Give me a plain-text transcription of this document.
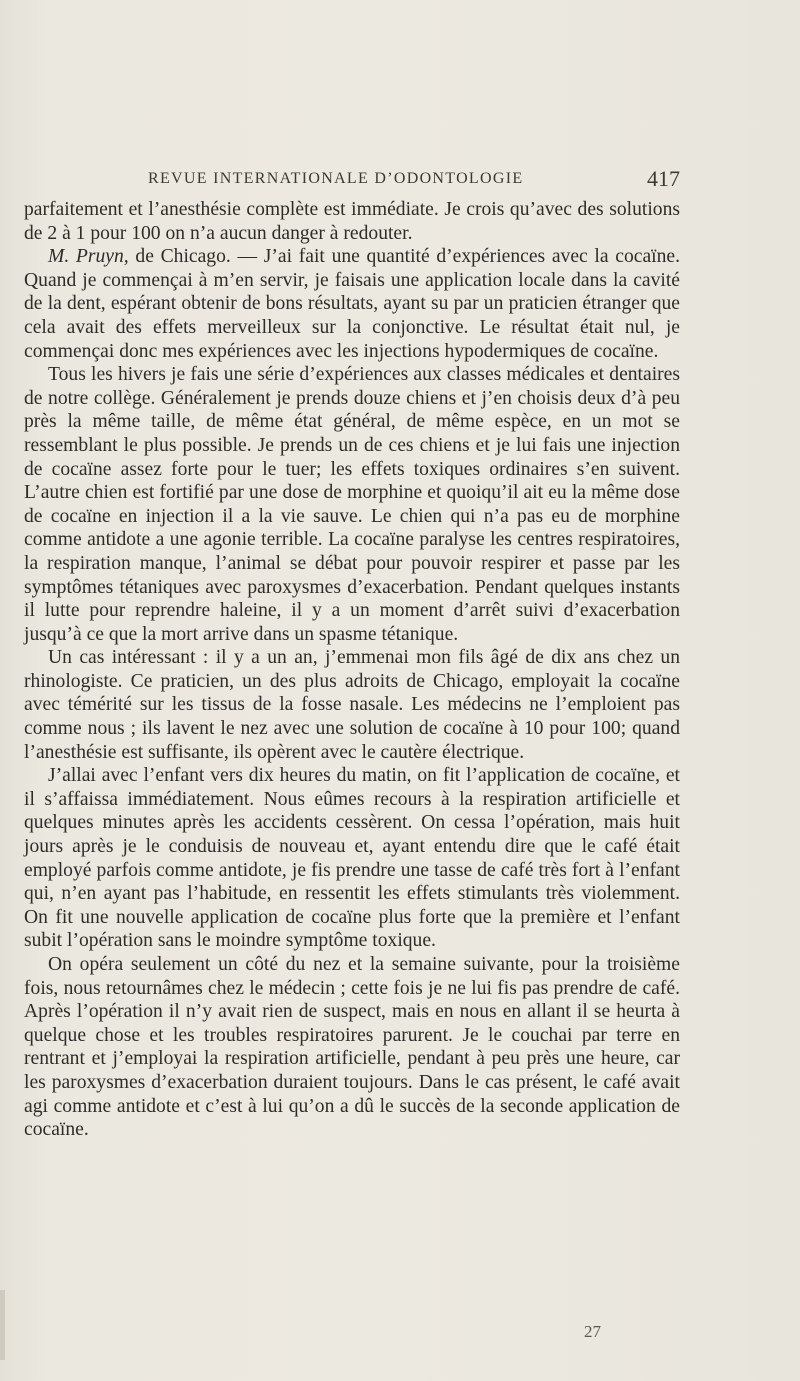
REVUE INTERNATIONALE D’ODONTOLOGIE	417

parfaitement et l’anesthésie complète est immédiate. Je crois qu’avec des solutions de 2 à 1 pour 100 on n’a aucun danger à redouter.

M. Pruyn, de Chicago. — J’ai fait une quantité d’expériences avec la cocaïne. Quand je commençai à m’en servir, je faisais une application locale dans la cavité de la dent, espérant obtenir de bons résultats, ayant su par un praticien étranger que cela avait des effets merveilleux sur la conjonctive. Le résultat était nul, je commençai donc mes expériences avec les injections hypodermiques de cocaïne.

Tous les hivers je fais une série d’expériences aux classes médicales et dentaires de notre collège. Généralement je prends douze chiens et j’en choisis deux d’à peu près la même taille, de même état général, de même espèce, en un mot se ressemblant le plus possible. Je prends un de ces chiens et je lui fais une injection de cocaïne assez forte pour le tuer; les effets toxiques ordinaires s’en suivent. L’autre chien est fortifié par une dose de morphine et quoiqu’il ait eu la même dose de cocaïne en injection il a la vie sauve. Le chien qui n’a pas eu de morphine comme antidote a une agonie terrible. La cocaïne paralyse les centres respiratoires, la respiration manque, l’animal se débat pour pouvoir respirer et passe par les symptômes tétaniques avec paroxysmes d’exacerbation. Pendant quelques instants il lutte pour reprendre haleine, il y a un moment d’arrêt suivi d’exacerbation jusqu’à ce que la mort arrive dans un spasme tétanique.

Un cas intéressant : il y a un an, j’emmenai mon fils âgé de dix ans chez un rhinologiste. Ce praticien, un des plus adroits de Chicago, employait la cocaïne avec témérité sur les tissus de la fosse nasale. Les médecins ne l’emploient pas comme nous ; ils lavent le nez avec une solution de cocaïne à 10 pour 100; quand l’anesthésie est suffisante, ils opèrent avec le cautère électrique.

J’allai avec l’enfant vers dix heures du matin, on fit l’application de cocaïne, et il s’affaissa immédiatement. Nous eûmes recours à la respiration artificielle et quelques minutes après les accidents cessèrent. On cessa l’opération, mais huit jours après je le conduisis de nouveau et, ayant entendu dire que le café était employé parfois comme antidote, je fis prendre une tasse de café très fort à l’enfant qui, n’en ayant pas l’habitude, en ressentit les effets stimulants très violemment. On fit une nouvelle application de cocaïne plus forte que la première et l’enfant subit l’opération sans le moindre symptôme toxique.

On opéra seulement un côté du nez et la semaine suivante, pour la troisième fois, nous retournâmes chez le médecin ; cette fois je ne lui fis pas prendre de café. Après l’opération il n’y avait rien de suspect, mais en nous en allant il se heurta à quelque chose et les troubles respiratoires parurent. Je le couchai par terre en rentrant et j’employai la respiration artificielle, pendant à peu près une heure, car les paroxysmes d’exacerbation duraient toujours. Dans le cas présent, le café avait agi comme antidote et c’est à lui qu’on a dû le succès de la seconde application de cocaïne.

27
